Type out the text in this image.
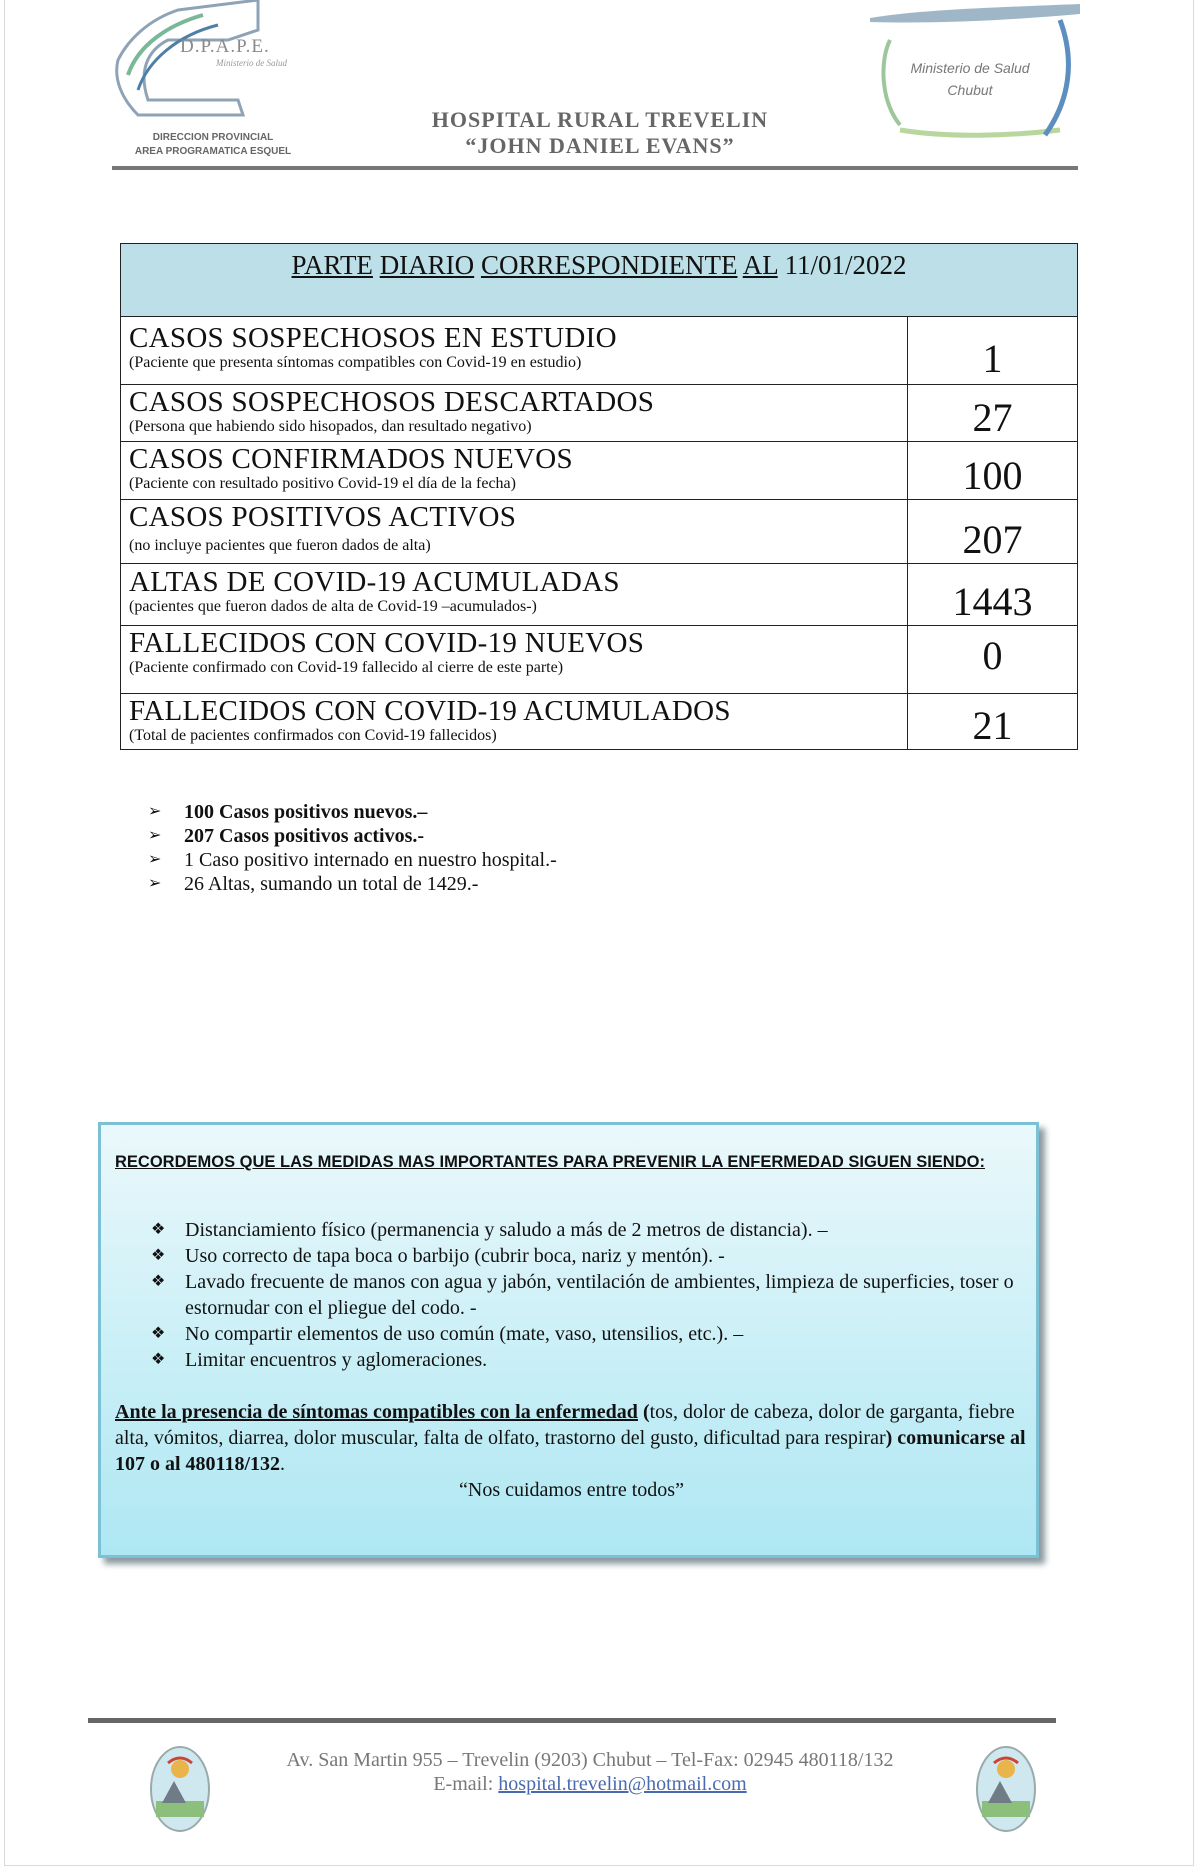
D.P.A.P.E.
Ministerio de Salud
DIRECCION PROVINCIAL
AREA PROGRAMATICA ESQUEL
Ministerio de Salud
Chubut
HOSPITAL RURAL TREVELIN
“JOHN DANIEL EVANS”
PARTE DIARIO CORRESPONDIENTE AL 11/01/2022	

CASOS SOSPECHOSOS EN ESTUDIO
(Paciente que presenta síntomas compatibles con Covid-19 en estudio)	1

CASOS SOSPECHOSOS DESCARTADOS
(Persona que habiendo sido hisopados, dan resultado negativo)	27

CASOS CONFIRMADOS NUEVOS
(Paciente con resultado positivo Covid-19 el día de la fecha)	100

CASOS POSITIVOS ACTIVOS
(no incluye pacientes que fueron dados de alta)	207

ALTAS DE COVID-19 ACUMULADAS
(pacientes que fueron dados de alta de Covid-19 –acumulados-)	1443

FALLECIDOS CON COVID-19 NUEVOS
(Paciente confirmado con Covid-19 fallecido al cierre de este parte)	0

FALLECIDOS CON COVID-19 ACUMULADOS
(Total de pacientes confirmados con Covid-19 fallecidos)	21
➢	100 Casos positivos nuevos.–
➢	207 Casos positivos activos.-
➢	1 Caso positivo internado en nuestro hospital.-
➢	26 Altas, sumando un total de 1429.-
RECORDEMOS QUE LAS MEDIDAS MAS IMPORTANTES PARA PREVENIR LA ENFERMEDAD SIGUEN SIENDO:
❖ Distanciamiento físico (permanencia y saludo a más de 2 metros de distancia). –
❖ Uso correcto de tapa boca o barbijo (cubrir boca, nariz y mentón). -
❖ Lavado frecuente de manos con agua y jabón, ventilación de ambientes, limpieza de superficies, toser o estornudar con el pliegue del codo. -
❖ No compartir elementos de uso común (mate, vaso, utensilios, etc.). –
❖ Limitar encuentros y aglomeraciones.
Ante la presencia de síntomas compatibles con la enfermedad (tos, dolor de cabeza, dolor de garganta, fiebre alta, vómitos, diarrea, dolor muscular, falta de olfato, trastorno del gusto, dificultad para respirar) comunicarse al 107 o al 480118/132.
“Nos cuidamos entre todos”
Av. San Martin 955 – Trevelin (9203) Chubut – Tel-Fax: 02945 480118/132
E-mail: hospital.trevelin@hotmail.com
